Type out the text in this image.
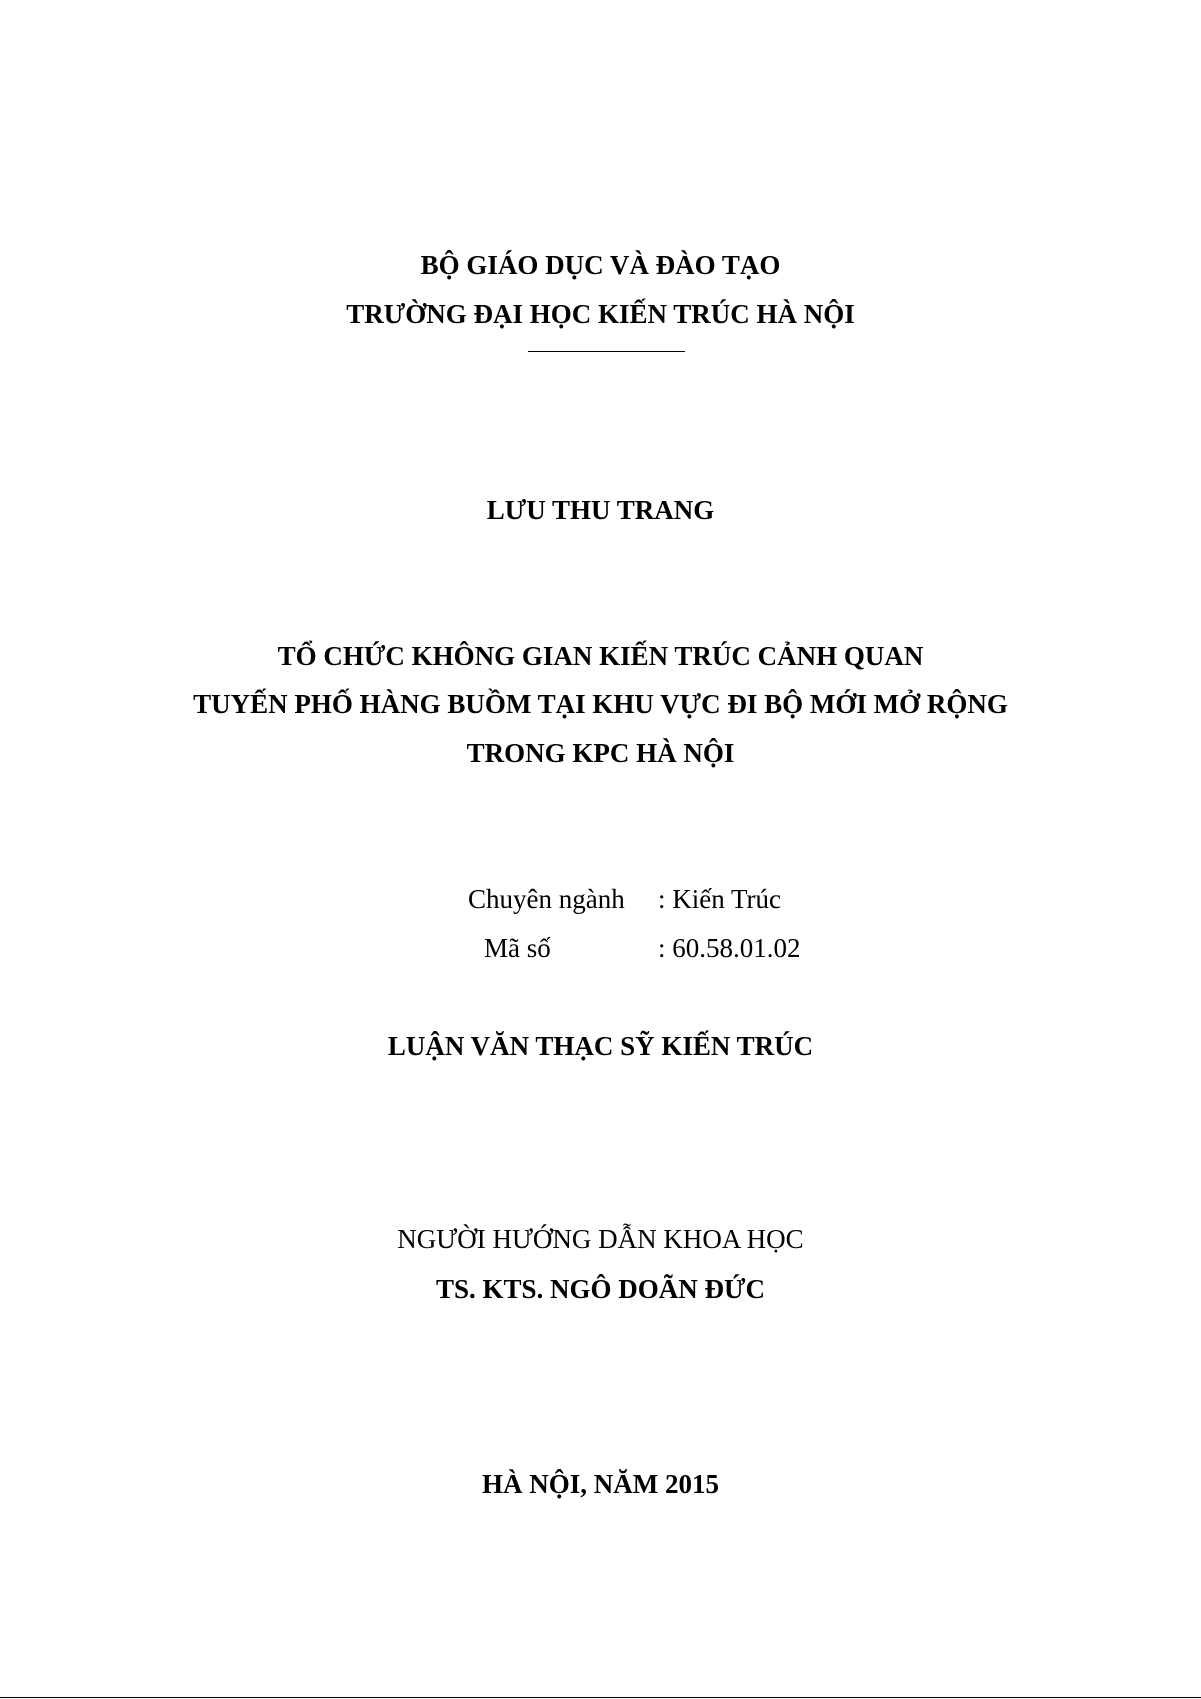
BỘ GIÁO DỤC VÀ ĐÀO TẠO
TRƯỜNG ĐẠI HỌC KIẾN TRÚC HÀ NỘI
LƯU THU TRANG
TỔ CHỨC KHÔNG GIAN KIẾN TRÚC CẢNH QUAN
TUYẾN PHỐ HÀNG BUỒM TẠI KHU VỰC ĐI BỘ MỚI MỞ RỘNG
TRONG KPC HÀ NỘI
Chuyên ngành : Kiến Trúc
Mã số	: 60.58.01.02
LUẬN VĂN THẠC SỸ KIẾN TRÚC
NGƯỜI HƯỚNG DẪN KHOA HỌC
TS. KTS. NGÔ DOÃN ĐỨC
HÀ NỘI, NĂM 2015
